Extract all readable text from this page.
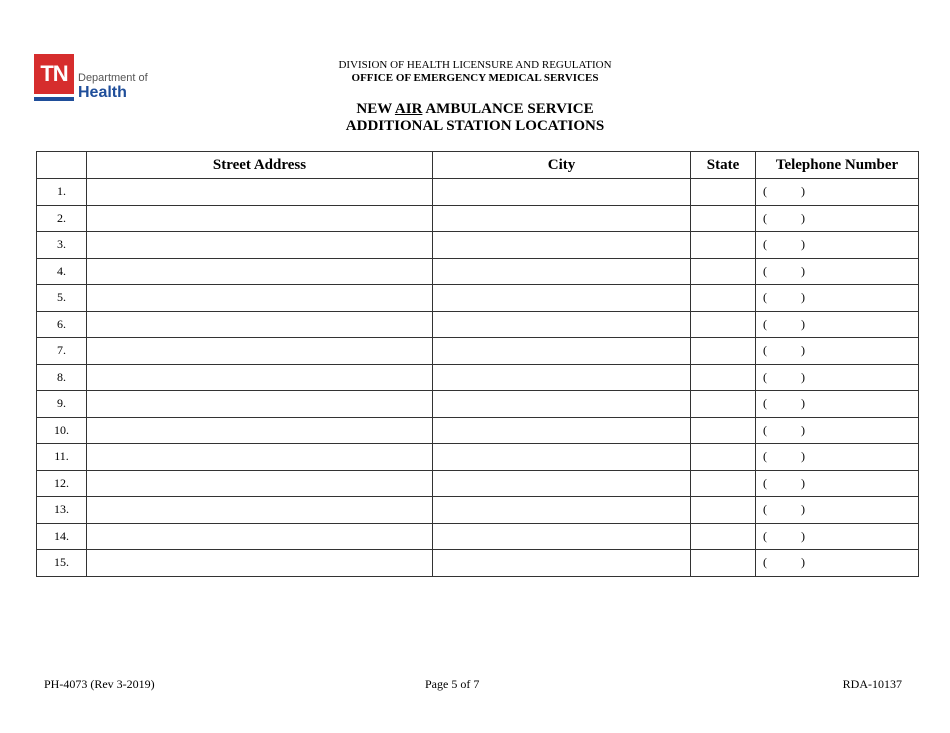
TN Department of
Health
DIVISION OF HEALTH LICENSURE AND REGULATION
OFFICE OF EMERGENCY MEDICAL SERVICES
NEW AIR AMBULANCE SERVICE
ADDITIONAL STATION LOCATIONS
	Street Address	City	State	Telephone Number
1.				( )
2.				( )
3.				( )
4.				( )
5.				( )
6.				( )
7.				( )
8.				( )
9.				( )
10.				( )
11.				( )
12.				( )
13.				( )
14.				( )
15.				( )
PH-4073 (Rev 3-2019)	Page 5 of 7	RDA-10137
